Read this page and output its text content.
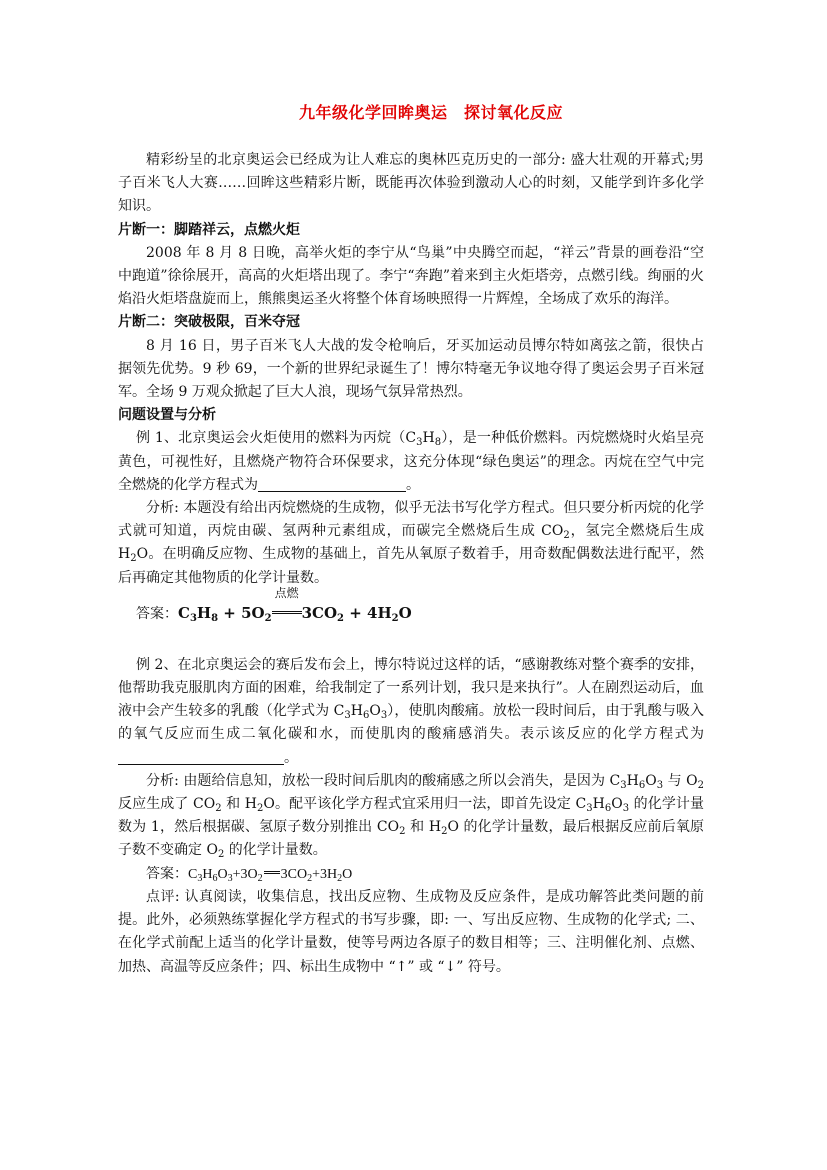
九年级化学回眸奥运　探讨氧化反应

精彩纷呈的北京奥运会已经成为让人难忘的奥林匹克历史的一部分: 盛大壮观的开幕式;男子百米飞人大赛……回眸这些精彩片断，既能再次体验到激动人心的时刻，又能学到许多化学知识。

片断一：脚踏祥云，点燃火炬

2008 年 8 月 8 日晚，高举火炬的李宁从“鸟巢”中央腾空而起，“祥云”背景的画卷沿“空中跑道”徐徐展开，高高的火炬塔出现了。李宁“奔跑”着来到主火炬塔旁，点燃引线。绚丽的火焰沿火炬塔盘旋而上，熊熊奥运圣火将整个体育场映照得一片辉煌，全场成了欢乐的海洋。

片断二：突破极限，百米夺冠

8 月 16 日，男子百米飞人大战的发令枪响后，牙买加运动员博尔特如离弦之箭，很快占据领先优势。9 秒 69，一个新的世界纪录诞生了！博尔特毫无争议地夺得了奥运会男子百米冠军。全场 9 万观众掀起了巨大人浪，现场气氛异常热烈。

问题设置与分析

例 1、北京奥运会火炬使用的燃料为丙烷$(C_3H_8)$，是一种低价燃料。丙烷燃烧时火焰呈亮黄色，可视性好，且燃烧产物符合环保要求，这充分体现“绿色奥运”的理念。丙烷在空气中完全燃烧的化学方程式为	。

分析: 本题没有给出丙烷燃烧的生成物，似乎无法书写化学方程式。但只要分析丙烷的化学式就可知道，丙烷由碳、氢两种元素组成，而碳完全燃烧后生成 $CO_2$，氢完全燃烧后生成 $H_2O$。在明确反应物、生成物的基础上，首先从氧原子数着手，用奇数配偶数法进行配平，然后再确定其他物质的化学计量数。

答案：$C_3H_8 + 5O_2$
点燃
$3CO_2 + 4H_2O$

例 2、在北京奥运会的赛后发布会上，博尔特说过这样的话，“感谢教练对整个赛季的安排，他帮助我克服肌肉方面的困难，给我制定了一系列计划，我只是来执行”。人在剧烈运动后，血液中会产生较多的乳酸（化学式为 $C_3H_6O_3$），使肌肉酸痛。放松一段时间后，由于乳酸与吸入的氧气反应而生成二氧化碳和水，而使肌肉的酸痛感消失。表示该反应的化学方程式为。

分析: 由题给信息知，放松一段时间后肌肉的酸痛感之所以会消失，是因为 $C_3H_6O_3$ 与 $O_2$ 反应生成了 $CO_2$ 和 $H_2O$。配平该化学方程式宜采用归一法，即首先设定 $C_3H_6O_3$ 的化学计量数为 1，然后根据碳、氢原子数分别推出 $CO_2$ 和 $H_2O$ 的化学计量数，最后根据反应前后氧原子数不变确定 $O_2$ 的化学计量数。

答案：$C_3H_6O_3+3O_2$ $3CO_2+3H_2O$

点评: 认真阅读，收集信息，找出反应物、生成物及反应条件，是成功解答此类问题的前提。此外，必须熟练掌握化学方程式的书写步骤，即: 一、写出反应物、生成物的化学式; 二、在化学式前配上适当的化学计量数，使等号两边各原子的数目相等；三、注明催化剂、点燃、加热、高温等反应条件；四、标出生成物中 “↑” 或 “↓” 符号。
